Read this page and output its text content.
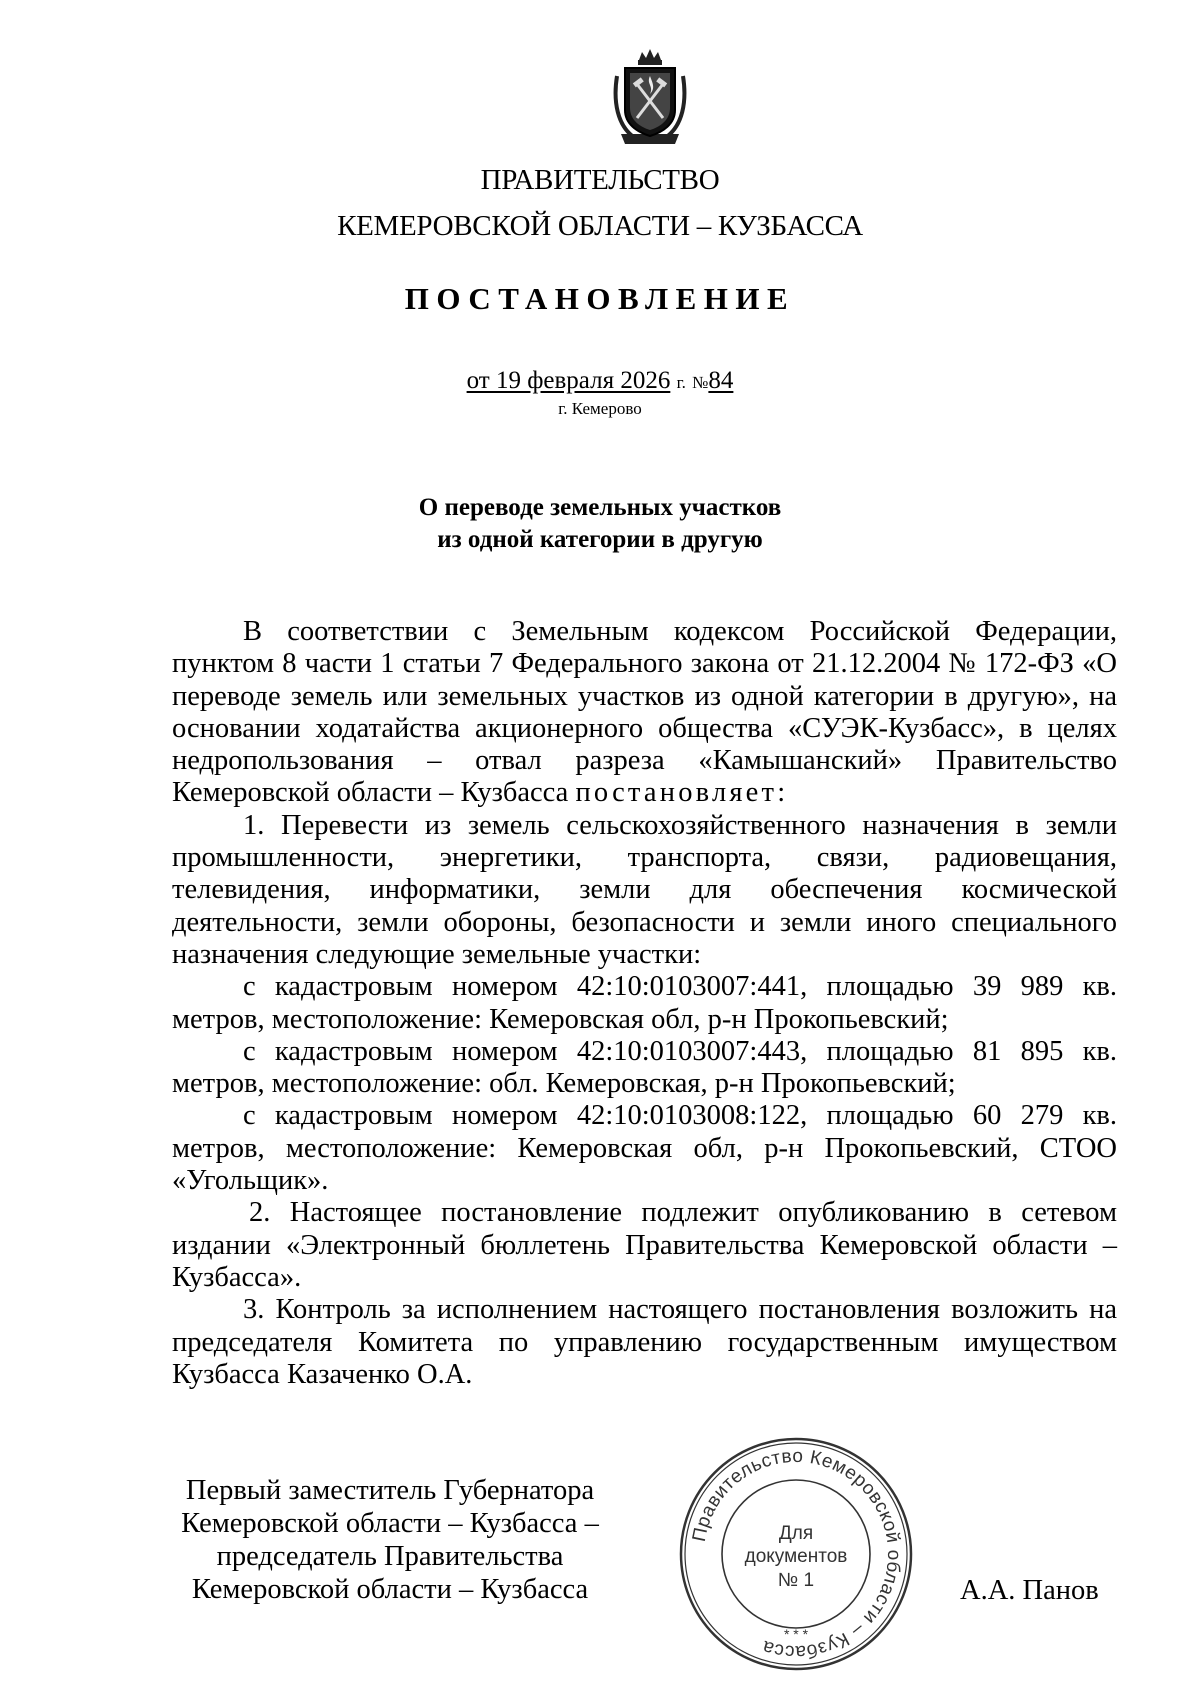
ПРАВИТЕЛЬСТВО
КЕМЕРОВСКОЙ ОБЛАСТИ – КУЗБАССА
ПОСТАНОВЛЕНИЕ
от 19 февраля 2026 г. №84
г. Кемерово
О переводе земельных участков
из одной категории в другую

В соответствии с Земельным кодексом Российской Федерации, пунктом 8 части 1 статьи 7 Федерального закона от 21.12.2004 № 172-ФЗ «О переводе земель или земельных участков из одной категории в другую», на основании ходатайства акционерного общества «СУЭК-Кузбасс», в целях недропользования – отвал разреза «Камышанский» Правительство Кемеровской области – Кузбасса постановляет:

1. Перевести из земель сельскохозяйственного назначения в земли промышленности, энергетики, транспорта, связи, радиовещания, телевидения, информатики, земли для обеспечения космической деятельности, земли обороны, безопасности и земли иного специального назначения следующие земельные участки:

с кадастровым номером 42:10:0103007:441, площадью 39 989 кв. метров, местоположение: Кемеровская обл, р-н Прокопьевский;

с кадастровым номером 42:10:0103007:443, площадью 81 895 кв. метров, местоположение: обл. Кемеровская, р-н Прокопьевский;

с кадастровым номером 42:10:0103008:122, площадью 60 279 кв. метров, местоположение: Кемеровская обл, р-н Прокопьевский, СТОО «Угольщик».

2. Настоящее постановление подлежит опубликованию в сетевом издании «Электронный бюллетень Правительства Кемеровской области – Кузбасса».

3. Контроль за исполнением настоящего постановления возложить на председателя Комитета по управлению государственным имуществом Кузбасса Казаченко О.А.

Первый заместитель Губернатора
Кемеровской области – Кузбасса –
председатель Правительства
Кемеровской области – Кузбасса
Правительство Кемеровской области – Кузбасса
* * *
Для
документов
№ 1	А.А. Панов
